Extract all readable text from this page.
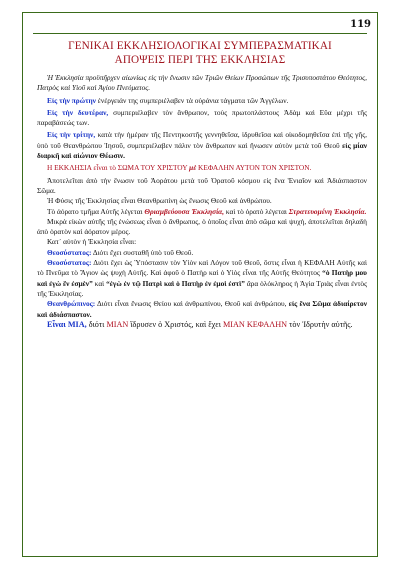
119
ΓΕΝΙΚΑΙ ΕΚΚΛΗΣΙΟΛΟΓΙΚΑΙ ΣΥΜΠΕΡΑΣΜΑΤΙΚΑΙ
ΑΠΟΨΕΙΣ ΠΕΡΙ ΤΗΣ ΕΚΚΛΗΣΙΑΣ

Ἡ Ἐκκλησία προϋπῆρχεν αἰωνίως εἰς τὴν ἕνωσιν τῶν Τριῶν Θείων Προσώπων τῆς Τρισυποστάτου Θεότητος, Πατρὸς καὶ Υἱοῦ καὶ Ἁγίου Πνεύματος.

Εἰς τὴν πρώτην ἐνέργειάν της συμπεριέλαβεν τὰ οὐράνια τάγματα τῶν Ἀγγέλων.

Εἰς τὴν δευτέραν, συμπεριέλαβεν τὸν ἄνθρωπον, τοὺς πρωτοπλάστους Ἀδὰμ καὶ Εὔα μέχρι τῆς παραβάσεώς των.

Εἰς τὴν τρίτην, κατὰ τὴν ἡμέραν τῆς Πεντηκοστῆς γεννηθεῖσα, ἱδρυθεῖσα καὶ οἰκοδομηθεῖσα ἐπὶ τῆς γῆς, ὑπὸ τοῦ Θεανθρώπου Ἰησοῦ, συμπεριέλαβεν πάλιν τὸν ἄνθρωπον καὶ ἥνωσεν αὐτὸν μετὰ τοῦ Θεοῦ εἰς μίαν διαρκῆ καὶ αἰώνιον Θέωσιν.

Η ΕΚΚΛΗΣΙΑ εἶναι τὸ ΣΩΜΑ ΤΟΥ ΧΡΙΣΤΟΥ μὲ ΚΕΦΑΛΗΝ ΑΥΤΟΝ ΤΟΝ ΧΡΙΣΤΟΝ.

Ἀποτελεῖται ἀπὸ τὴν ἕνωσιν τοῦ Ἀοράτου μετὰ τοῦ Ὁρατοῦ κόσμου εἰς ἕνα Ἑνιαῖον καὶ Ἀδιάσπαστον Σῶμα.

Ἡ Φύσις τῆς Ἐκκλησίας εἶναι Θεανθρωπίνη ὡς ἕνωσις Θεοῦ καὶ ἀνθρώπου.

Τὸ ἀόρατο τμῆμα Αὐτῆς λέγεται Θριαμβεύουσα Ἐκκλησία, καὶ τὸ ὁρατὸ λέγεται Στρατευομένη Ἐκκλησία.

Μικρὰ εἰκὼν αὐτῆς τῆς ἑνώσεως εἶναι ὁ ἄνθρωπος, ὁ ὁποῖος εἶναι ἀπὸ σῶμα καὶ ψυχή, ἀποτελεῖται δηλαδὴ ἀπὸ ὁρατὸν καὶ ἀόρατον μέρος.

Κατ᾽ αὐτὸν ἡ Ἐκκλησία εἶναι:

Θεοσύστατος: Διότι ἔχει συσταθῆ ὑπὸ τοῦ Θεοῦ.

Θεοσύστατος: Διότι ἔχει ὡς Ὑπόστασιν τὸν Υἱὸν καὶ Λόγον τοῦ Θεοῦ, ὅστις εἶναι ἡ ΚΕΦΑΛΗ Αὐτῆς καὶ τὸ Πνεῦμα τὸ Ἅγιον ὡς ψυχὴ Αὐτῆς. Καὶ ἀφοῦ ὁ Πατὴρ καὶ ὁ Υἱὸς εἶναι τῆς Αὐτῆς Θεότητος “ὁ Πατὴρ μου καὶ ἐγὼ ἕν ἐσμὲν” καὶ “ἐγὼ ἐν τῷ Πατρὶ καὶ ὁ Πατὴρ ἐν ἐμοὶ ἐστὶ” ἄρα ὁλόκληρος ἡ Ἁγία Τριὰς εἶναι ἐντὸς τῆς Ἐκκλησίας.

Θεανθρώπινος: Διότι εἶναι ἕνωσις Θείου καὶ ἀνθρωπίνου, Θεοῦ καὶ ἀνθρώπου, εἰς ἕνα Σῶμα ἀδιαίρετον καὶ ἀδιάσπαστον.

Εἶναι ΜΙΑ, διότι ΜΙΑΝ ἵδρυσεν ὁ Χριστός, καὶ ἔχει ΜΙΑΝ ΚΕΦΑΛΗΝ τὸν Ἱδρυτὴν αὐτῆς.
